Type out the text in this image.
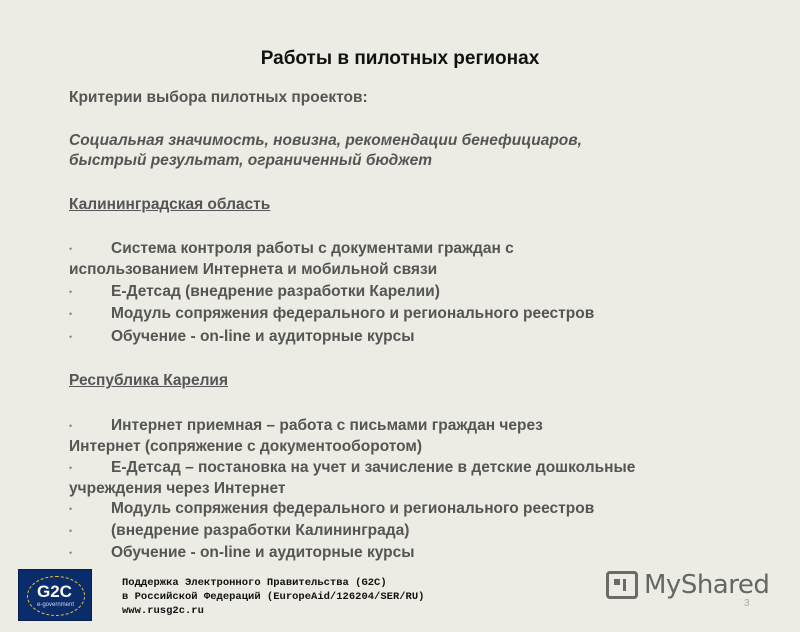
Работы в пилотных регионах
Критерии выбора пилотных проектов:
Социальная значимость, новизна, рекомендации бенефициаров,
быстрый результат, ограниченный бюджет
Калининградская область
•	Система контроля работы с документами граждан с
использованием Интернета и мобильной связи
•	Е-Детсад (внедрение разработки Карелии)
•	Модуль сопряжения федерального и регионального реестров
•	Обучение - on-line и аудиторные курсы
Республика Карелия
•	Интернет приемная – работа с письмами граждан через
Интернет (сопряжение с документооборотом)
•	Е-Детсад – постановка на учет и зачисление в детские дошкольные
учреждения через Интернет
•	Модуль сопряжения федерального и регионального реестров
•	(внедрение разработки Калининграда)
•	Обучение - on-line и аудиторные курсы
G2C
e-government
Поддержка Электронного Правительства (G2C)
в Российской Федераций (EuropeAid/126204/SER/RU)
www.rusg2c.ru
MyShared
3
